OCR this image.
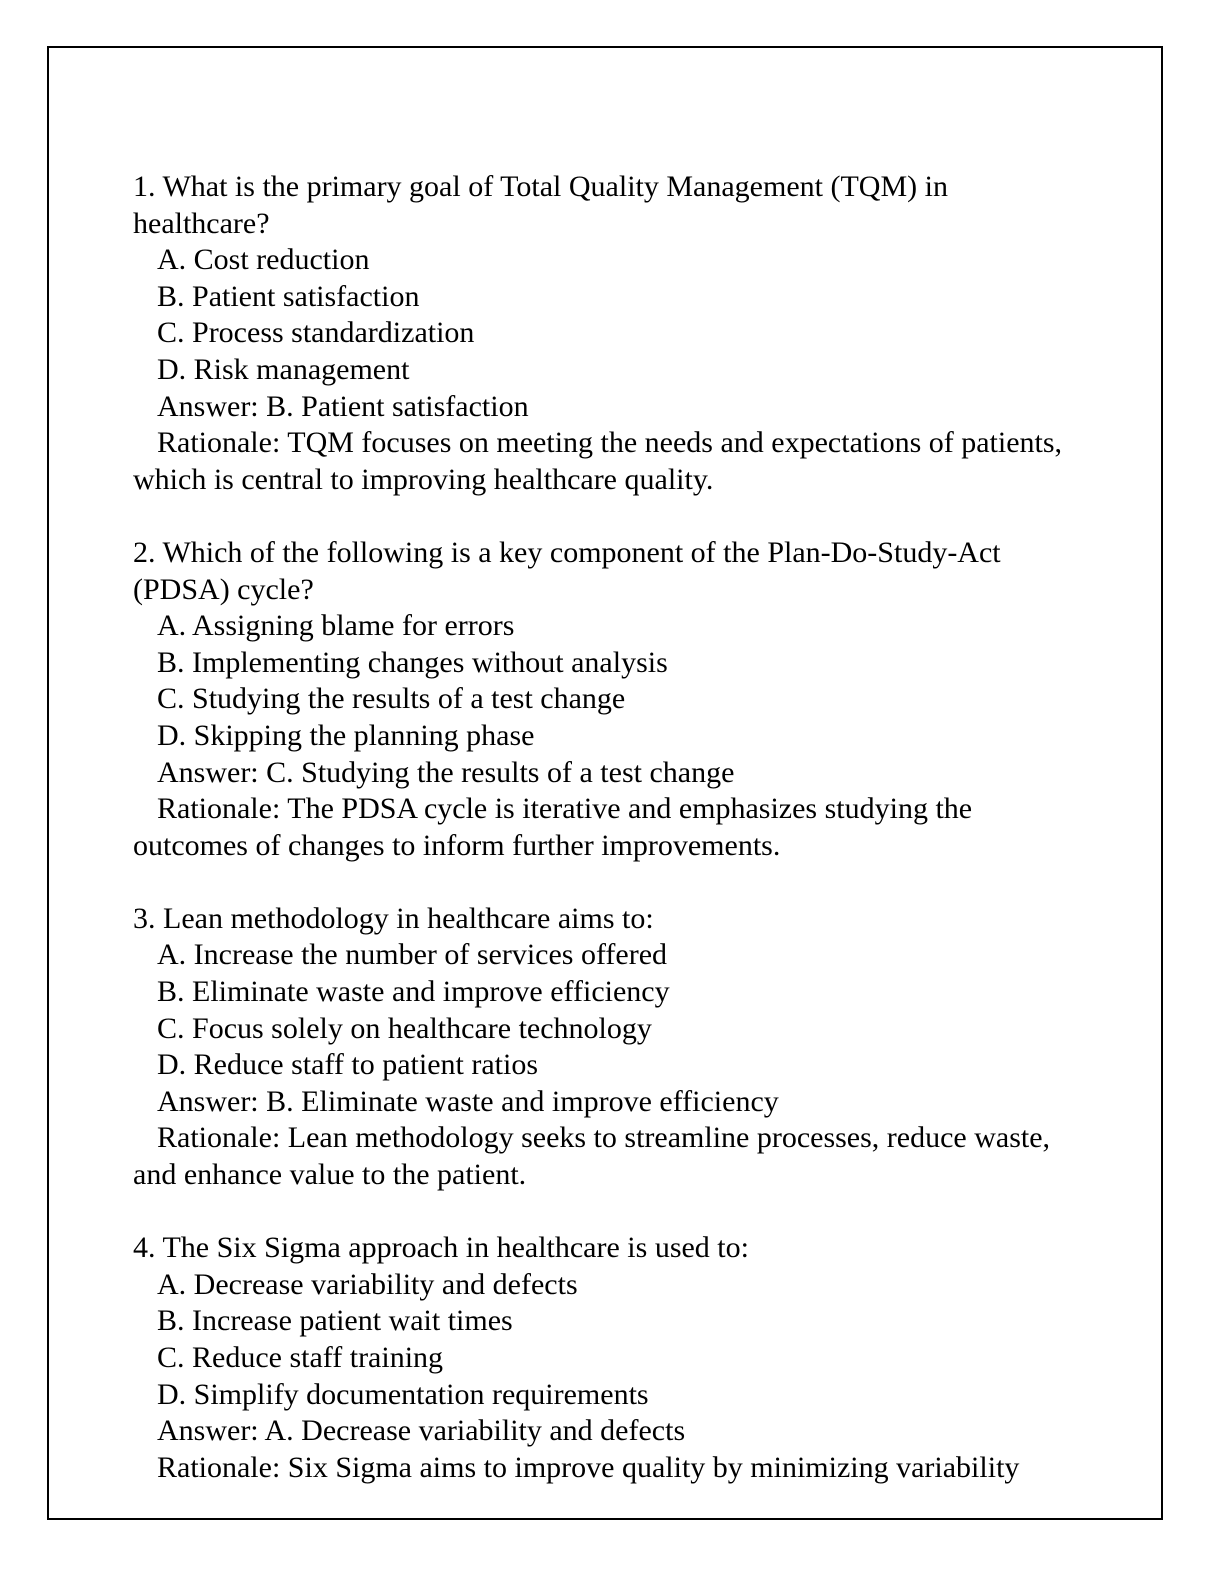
1. What is the primary goal of Total Quality Management (TQM) in healthcare?
A. Cost reduction
B. Patient satisfaction
C. Process standardization
D. Risk management
Answer: B. Patient satisfaction
Rationale: TQM focuses on meeting the needs and expectations of patients, which is central to improving healthcare quality.
2. Which of the following is a key component of the Plan-Do-Study-Act (PDSA) cycle?
A. Assigning blame for errors
B. Implementing changes without analysis
C. Studying the results of a test change
D. Skipping the planning phase
Answer: C. Studying the results of a test change
Rationale: The PDSA cycle is iterative and emphasizes studying the outcomes of changes to inform further improvements.
3. Lean methodology in healthcare aims to:
A. Increase the number of services offered
B. Eliminate waste and improve efficiency
C. Focus solely on healthcare technology
D. Reduce staff to patient ratios
Answer: B. Eliminate waste and improve efficiency
Rationale: Lean methodology seeks to streamline processes, reduce waste, and enhance value to the patient.
4. The Six Sigma approach in healthcare is used to:
A. Decrease variability and defects
B. Increase patient wait times
C. Reduce staff training
D. Simplify documentation requirements
Answer: A. Decrease variability and defects
Rationale: Six Sigma aims to improve quality by minimizing variability
